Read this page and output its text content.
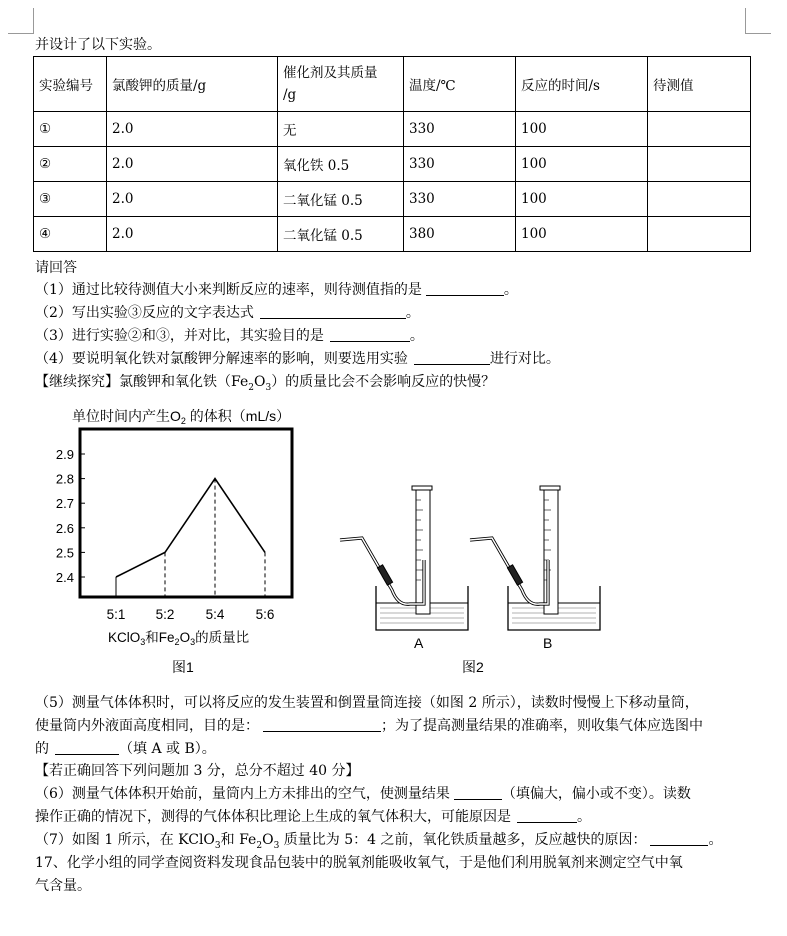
并设计了以下实验。
实验编号	氯酸钾的质量/g	催化剂及其质量
/g	温度/℃	反应的时间/s	待测值
①	2.0	无	330	100	
②	2.0	氧化铁 0.5	330	100	
③	2.0	二氧化锰 0.5	330	100	
④	2.0	二氧化锰 0.5	380	100	
请回答
（1）通过比较待测值大小来判断反应的速率，则待测值指的是	。
（2）写出实验③反应的文字表达式	。
（3）进行实验②和③，并对比，其实验目的是	。
（4）要说明氧化铁对氯酸钾分解速率的影响，则要选用实验	进行对比。
【继续探究】氯酸钾和氧化铁$(Fe_2O_3)$的质量比会不会影响反应的快慢？
单位时间内产生$O_2$ 的体积（mL/s）
2.9
2.8
2.7
2.6
2.5
2.4
5:1 5:2 5:4 5:6
KClO$_3$和$Fe_2O_3$的质量比
图1
A	B
图2
（5）测量气体体积时，可以将反应的发生装置和倒置量筒连接（如图 2 所示），读数时慢慢上下移动量筒，
使量筒内外液面高度相同，目的是：	；为了提高测量结果的准确率，则收集气体应选图中
的	（填 A 或 B）。
【若正确回答下列问题加 3 分，总分不超过 40 分】
（6）测量气体体积开始前，量筒内上方未排出的空气，使测量结果	（填偏大，偏小或不变）。读数
操作正确的情况下，测得的气体体积比理论上生成的氧气体积大，可能原因是	。
（7）如图 1 所示，在 KClO$_3$和 $Fe_2O_3$ 质量比为 5：4 之前，氧化铁质量越多，反应越快的原因：	。
17、化学小组的同学查阅资料发现食品包装中的脱氧剂能吸收氧气，于是他们利用脱氧剂来测定空气中氧
气含量。
